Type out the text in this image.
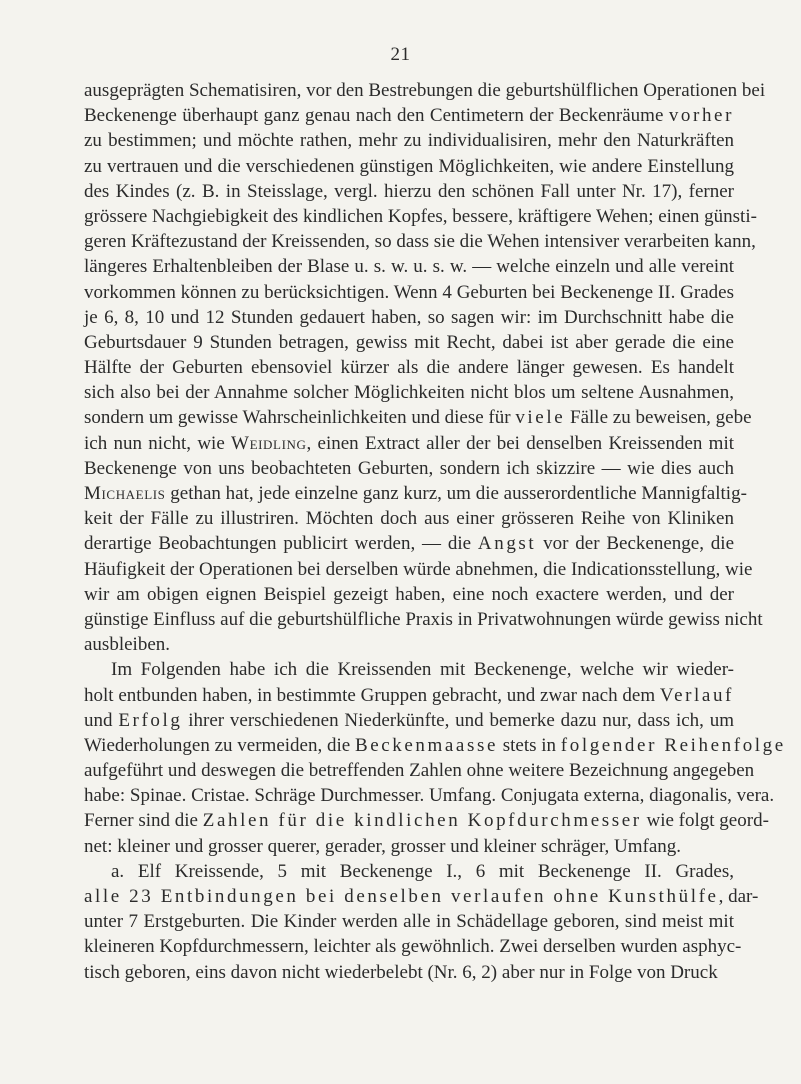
21
ausgeprägten Schematisiren, vor den Bestrebungen die geburtshülflichen Operationen bei
Beckenenge überhaupt ganz genau nach den Centimetern der Beckenräume vorher
zu bestimmen; und möchte rathen, mehr zu individualisiren, mehr den Naturkräften
zu vertrauen und die verschiedenen günstigen Möglichkeiten, wie andere Einstellung
des Kindes (z. B. in Steisslage, vergl. hierzu den schönen Fall unter Nr. 17), ferner
grössere Nachgiebigkeit des kindlichen Kopfes, bessere, kräftigere Wehen; einen günsti-
geren Kräftezustand der Kreissenden, so dass sie die Wehen intensiver verarbeiten kann,
längeres Erhaltenbleiben der Blase u. s. w. u. s. w. — welche einzeln und alle vereint
vorkommen können zu berücksichtigen. Wenn 4 Geburten bei Beckenenge II. Grades
je 6, 8, 10 und 12 Stunden gedauert haben, so sagen wir: im Durchschnitt habe die
Geburtsdauer 9 Stunden betragen, gewiss mit Recht, dabei ist aber gerade die eine
Hälfte der Geburten ebensoviel kürzer als die andere länger gewesen. Es handelt
sich also bei der Annahme solcher Möglichkeiten nicht blos um seltene Ausnahmen,
sondern um gewisse Wahrscheinlichkeiten und diese für viele Fälle zu beweisen, gebe
ich nun nicht, wie Weidling, einen Extract aller der bei denselben Kreissenden mit
Beckenenge von uns beobachteten Geburten, sondern ich skizzire — wie dies auch
Michaelis gethan hat, jede einzelne ganz kurz, um die ausserordentliche Mannigfaltig-
keit der Fälle zu illustriren. Möchten doch aus einer grösseren Reihe von Kliniken
derartige Beobachtungen publicirt werden, — die Angst vor der Beckenenge, die
Häufigkeit der Operationen bei derselben würde abnehmen, die Indicationsstellung, wie
wir am obigen eignen Beispiel gezeigt haben, eine noch exactere werden, und der
günstige Einfluss auf die geburtshülfliche Praxis in Privatwohnungen würde gewiss nicht
ausbleiben.
Im Folgenden habe ich die Kreissenden mit Beckenenge, welche wir wieder-
holt entbunden haben, in bestimmte Gruppen gebracht, und zwar nach dem Verlauf
und Erfolg ihrer verschiedenen Niederkünfte, und bemerke dazu nur, dass ich, um
Wiederholungen zu vermeiden, die Beckenmaasse stets in folgender Reihenfolge
aufgeführt und deswegen die betreffenden Zahlen ohne weitere Bezeichnung angegeben
habe: Spinae. Cristae. Schräge Durchmesser. Umfang. Conjugata externa, diagonalis, vera.
Ferner sind die Zahlen für die kindlichen Kopfdurchmesser wie folgt geord-
net: kleiner und grosser querer, gerader, grosser und kleiner schräger, Umfang.
a. Elf Kreissende, 5 mit Beckenenge I., 6 mit Beckenenge II. Grades,
alle 23 Entbindungen bei denselben verlaufen ohne Kunsthülfe, dar-
unter 7 Erstgeburten. Die Kinder werden alle in Schädellage geboren, sind meist mit
kleineren Kopfdurchmessern, leichter als gewöhnlich. Zwei derselben wurden asphyc-
tisch geboren, eins davon nicht wiederbelebt (Nr. 6, 2) aber nur in Folge von Druck
